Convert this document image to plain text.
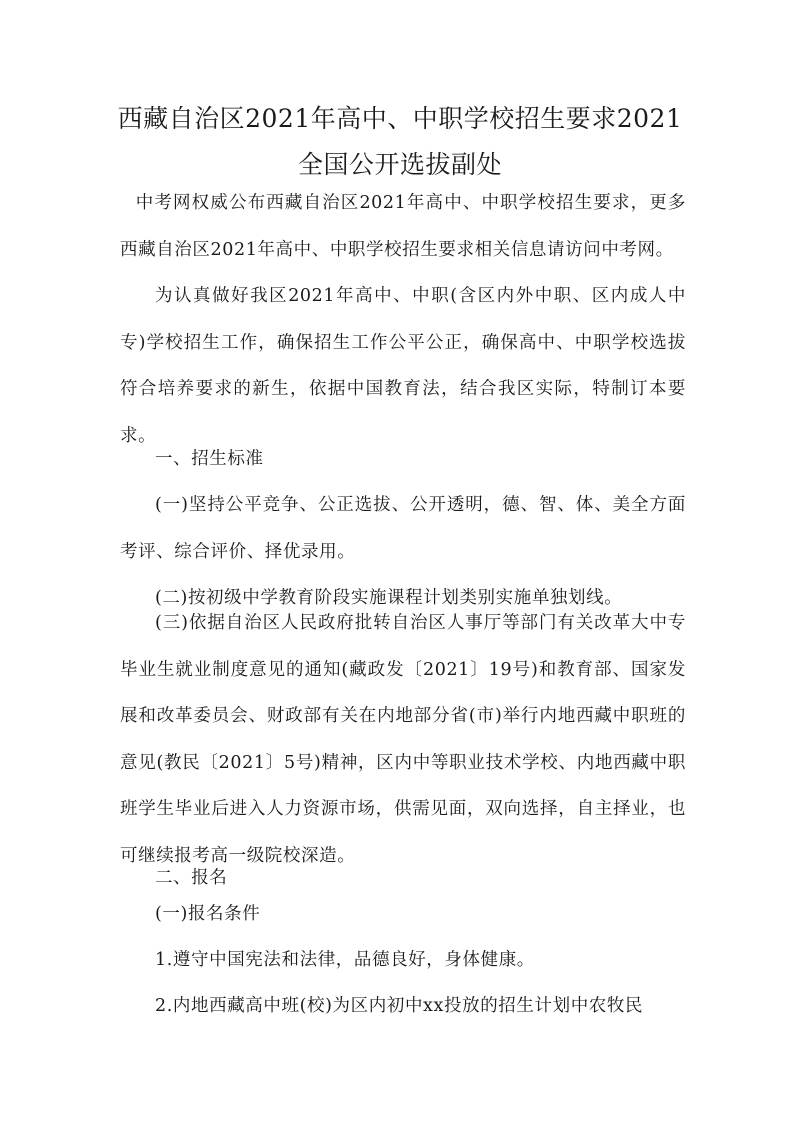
西藏自治区2021年高中、中职学校招生要求2021全国公开选拔副处

中考网权威公布西藏自治区2021年高中、中职学校招生要求，更多西藏自治区2021年高中、中职学校招生要求相关信息请访问中考网。

为认真做好我区2021年高中、中职(含区内外中职、区内成人中专)学校招生工作，确保招生工作公平公正，确保高中、中职学校选拔符合培养要求的新生，依据中国教育法，结合我区实际，特制订本要求。

一、招生标准

(一)坚持公平竞争、公正选拔、公开透明，德、智、体、美全方面考评、综合评价、择优录用。

(二)按初级中学教育阶段实施课程计划类别实施单独划线。

(三)依据自治区人民政府批转自治区人事厅等部门有关改革大中专毕业生就业制度意见的通知(藏政发〔2021〕19号)和教育部、国家发展和改革委员会、财政部有关在内地部分省(市)举行内地西藏中职班的意见(教民〔2021〕5号)精神，区内中等职业技术学校、内地西藏中职班学生毕业后进入人力资源市场，供需见面，双向选择，自主择业，也可继续报考高一级院校深造。

二、报名

(一)报名条件

1.遵守中国宪法和法律，品德良好，身体健康。

2.内地西藏高中班(校)为区内初中xx投放的招生计划中农牧民
